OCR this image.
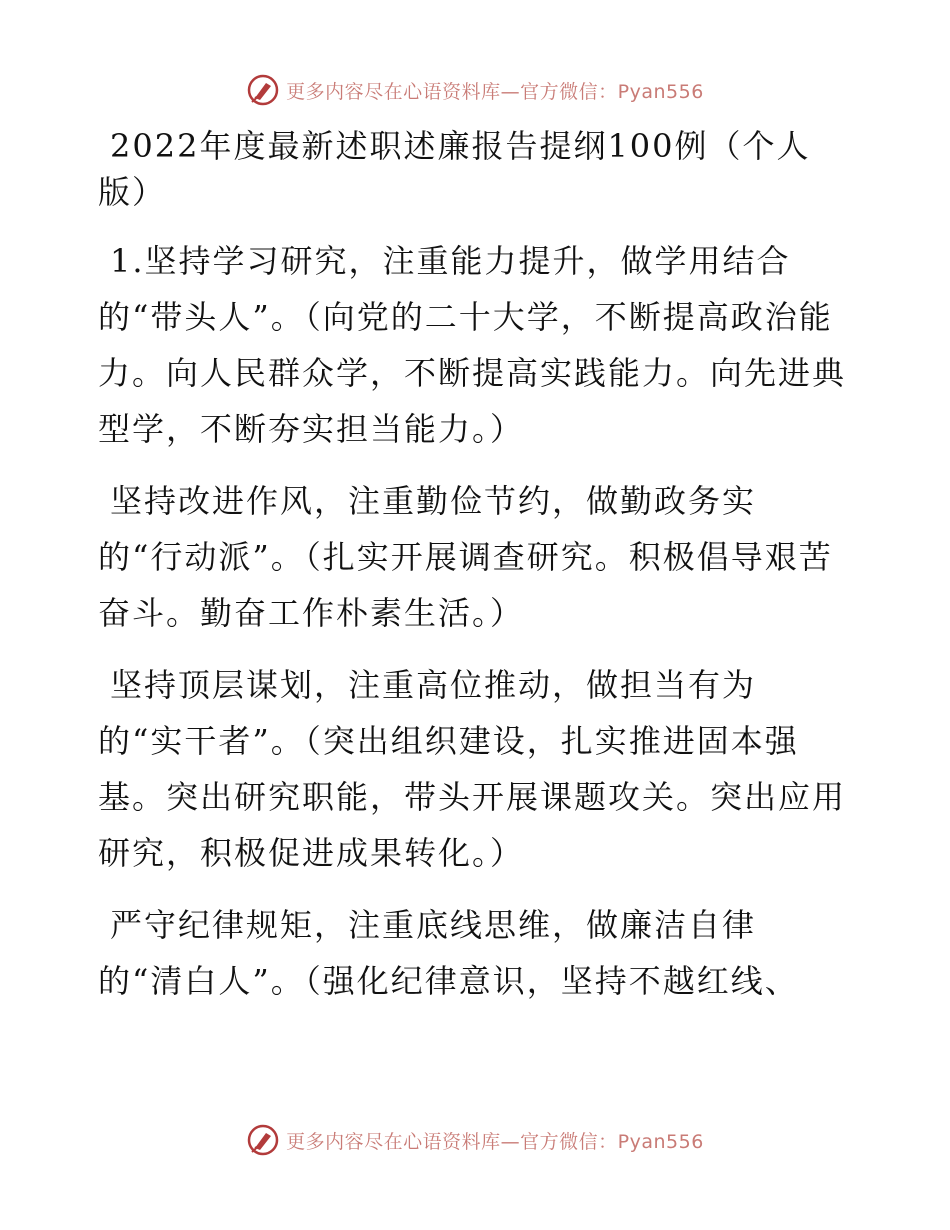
更多内容尽在心语资料库—官方微信：Pyan556
2022年度最新述职述廉报告提纲100例（个人版）
1.坚持学习研究，注重能力提升，做学用结合
的“带头人”。（向党的二十大学，不断提高政治能力。向人民群众学，不断提高实践能力。向先进典型学，不断夯实担当能力。）
坚持改进作风，注重勤俭节约，做勤政务实
的“行动派”。（扎实开展调查研究。积极倡导艰苦奋斗。勤奋工作朴素生活。）
坚持顶层谋划，注重高位推动，做担当有为
的“实干者”。（突出组织建设，扎实推进固本强基。突出研究职能，带头开展课题攻关。突出应用研究，积极促进成果转化。）
严守纪律规矩，注重底线思维，做廉洁自律
的“清白人”。（强化纪律意识，坚持不越红线、
更多内容尽在心语资料库—官方微信：Pyan556
